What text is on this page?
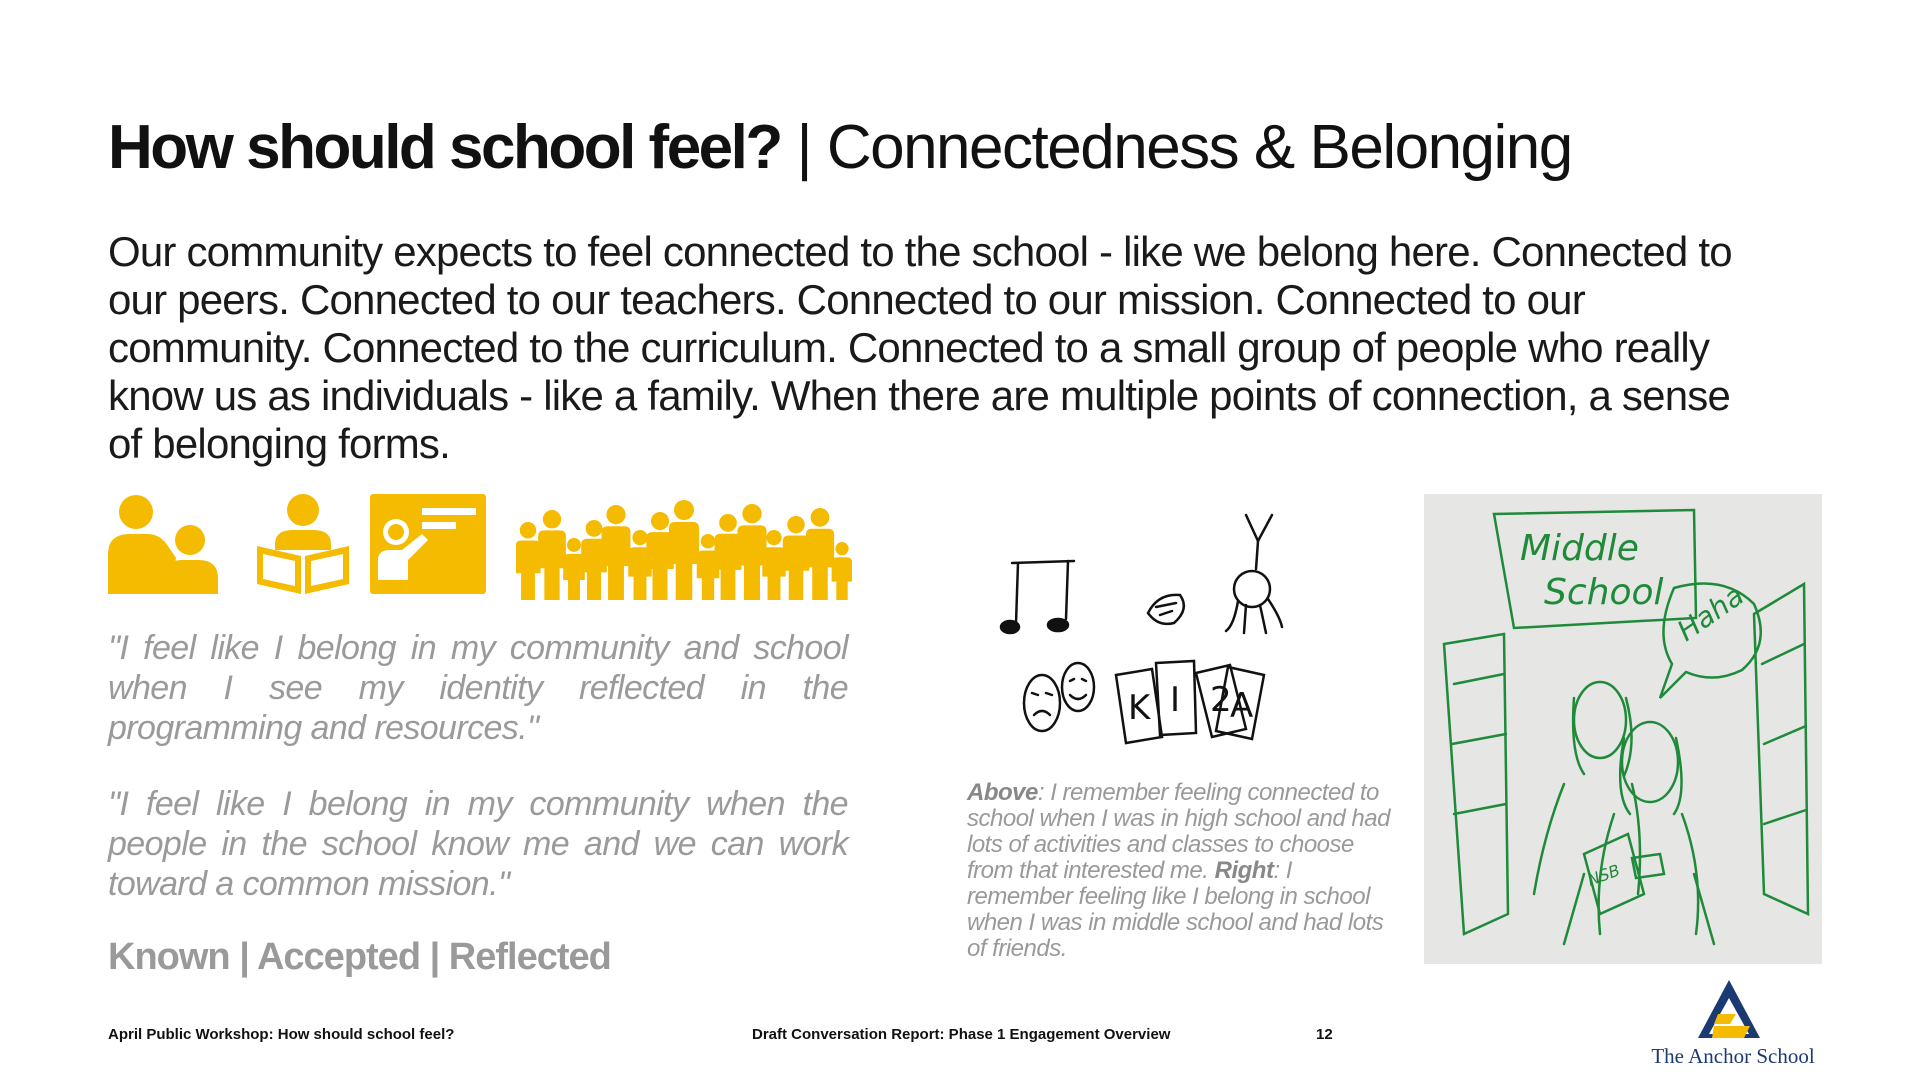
How should school feel? | Connectedness & Belonging
Our community expects to feel connected to the school - like we belong here. Connected to our peers. Connected to our teachers. Connected to our mission. Connected to our community. Connected to the curriculum. Connected to a small group of people who really know us as individuals - like a family. When there are multiple points of connection, a sense of belonging forms.
"I feel like I belong in my community and school when I see my identity reflected in the programming and resources."
"I feel like I belong in my community when the people in the school know me and we can work toward a common mission."
Known | Accepted | Reflected
K I 2
A
Above: I remember feeling connected to school when I was in high school and had lots of activities and classes to choose from that interested me. Right: I remember feeling like I belong in school when I was in middle school and had lots of friends.
Middle
School Haha
NSB
April Public Workshop: How should school feel?	Draft Conversation Report: Phase 1 Engagement Overview	12
The Anchor School
